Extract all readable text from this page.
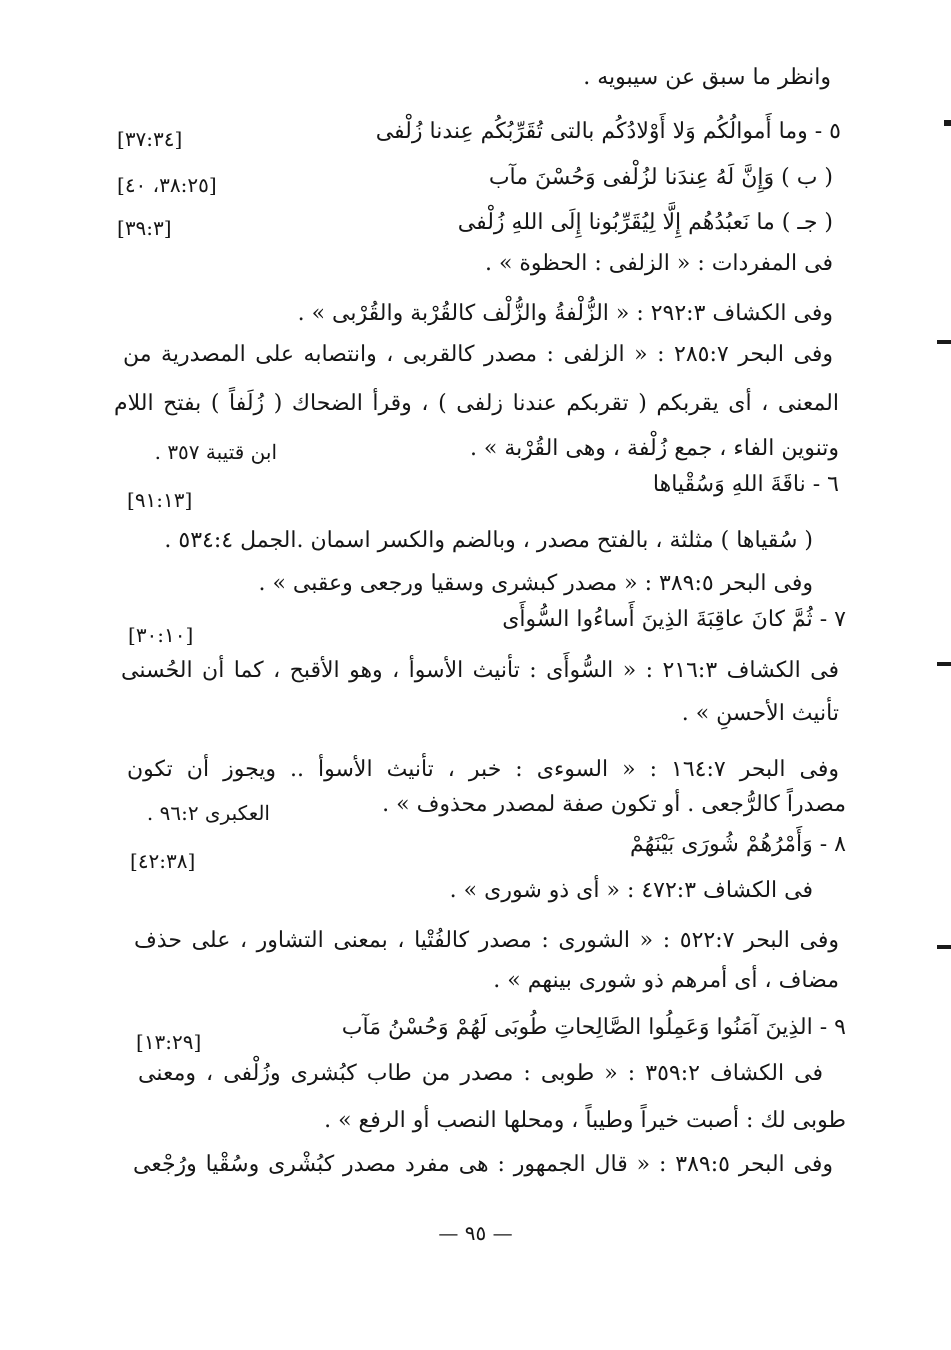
وانظر ما سبق عن سيبويه .
٥ - وما أَموالُكُم وَلا أَوْلادُكُم بالتى تُقَرِّبُكُم عِندنا زُلْفى
( ب ) وَإِنَّ لَهُ عِندَنا لزُلْفى وَحُسْنَ مآب
( جـ ) ما نَعبُدُهُم إِلَّا لِيُقَرِّبُونا إِلَى اللهِ زُلْفى
فى المفردات : « الزلفى : الحظوة » .
وفى الكشاف ٢٩٢:٣ : « الزُّلْفةُ والزُّلْف كالقُرْبة والقُرْبى » .
وفى البحر ٢٨٥:٧ : « الزلفى : مصدر كالقربى ، وانتصابه على المصدرية من
المعنى ، أى يقربكم ( تقربكم عندنا زلفى ) ، وقرأ الضحاك ( زُلَفاً ) بفتح اللام
وتنوين الفاء ، جمع زُلْفة ، وهى القُرْبة » .
ابن قتيبة ٣٥٧ .
٦ - ناقَةَ اللهِ وَسُقْياها
( سُقياها ) مثلثة ، بالفتح مصدر ، وبالضم والكسر اسمان .الجمل ٥٣٤:٤ .
وفى البحر ٣٨٩:٥ : « مصدر كبشرى وسقيا ورجعى وعقبى » .
٧ - ثُمَّ كانَ عاقِبَةَ الذِينَ أَساءُوا السُّوأَى
فى الكشاف ٢١٦:٣ : « السُّوأَى : تأنيث الأسوأ ، وهو الأقبح ، كما أن الحُسنى
تأنيث الأحسنِ » .
وفى البحر ١٦٤:٧ : « السوءى : خبر ، تأنيث الأسوأ .. ويجوز أن تكون
مصدراً كالرُّجعى . أو تكون صفة لمصدر محذوف » .
العكبرى ٩٦:٢ .
٨ - وَأَمْرُهُمْ شُورَى بَيْنَهُمْ
فى الكشاف ٤٧٢:٣ : « أى ذو شورى » .
وفى البحر ٥٢٢:٧ : « الشورى : مصدر كالفُتْيا ، بمعنى التشاور ، على حذف
مضاف ، أى أمرهم ذو شورى بينهم » .
٩ - الذِينَ آمَنُوا وَعَمِلُوا الصَّالِحاتِ طُوبَى لَهُمْ وَحُسْنُ مَآب
فى الكشاف ٣٥٩:٢ : « طوبى : مصدر من طاب كبُشرى وزُلْفى ، ومعنى
طوبى لك : أصبت خيراً وطيباً ، ومحلها النصب أو الرفع » .
وفى البحر ٣٨٩:٥ : « قال الجمهور : هى مفرد مصدر كبُشْرى وسُقْيا ورُجْعى
[٣٧:٣٤]
[٣٨:٢٥، ٤٠]
[٣٩:٣]
[٩١:١٣]
[٣٠:١٠]
[٤٢:٣٨]
[١٣:٢٩]
— ٩٥ —
